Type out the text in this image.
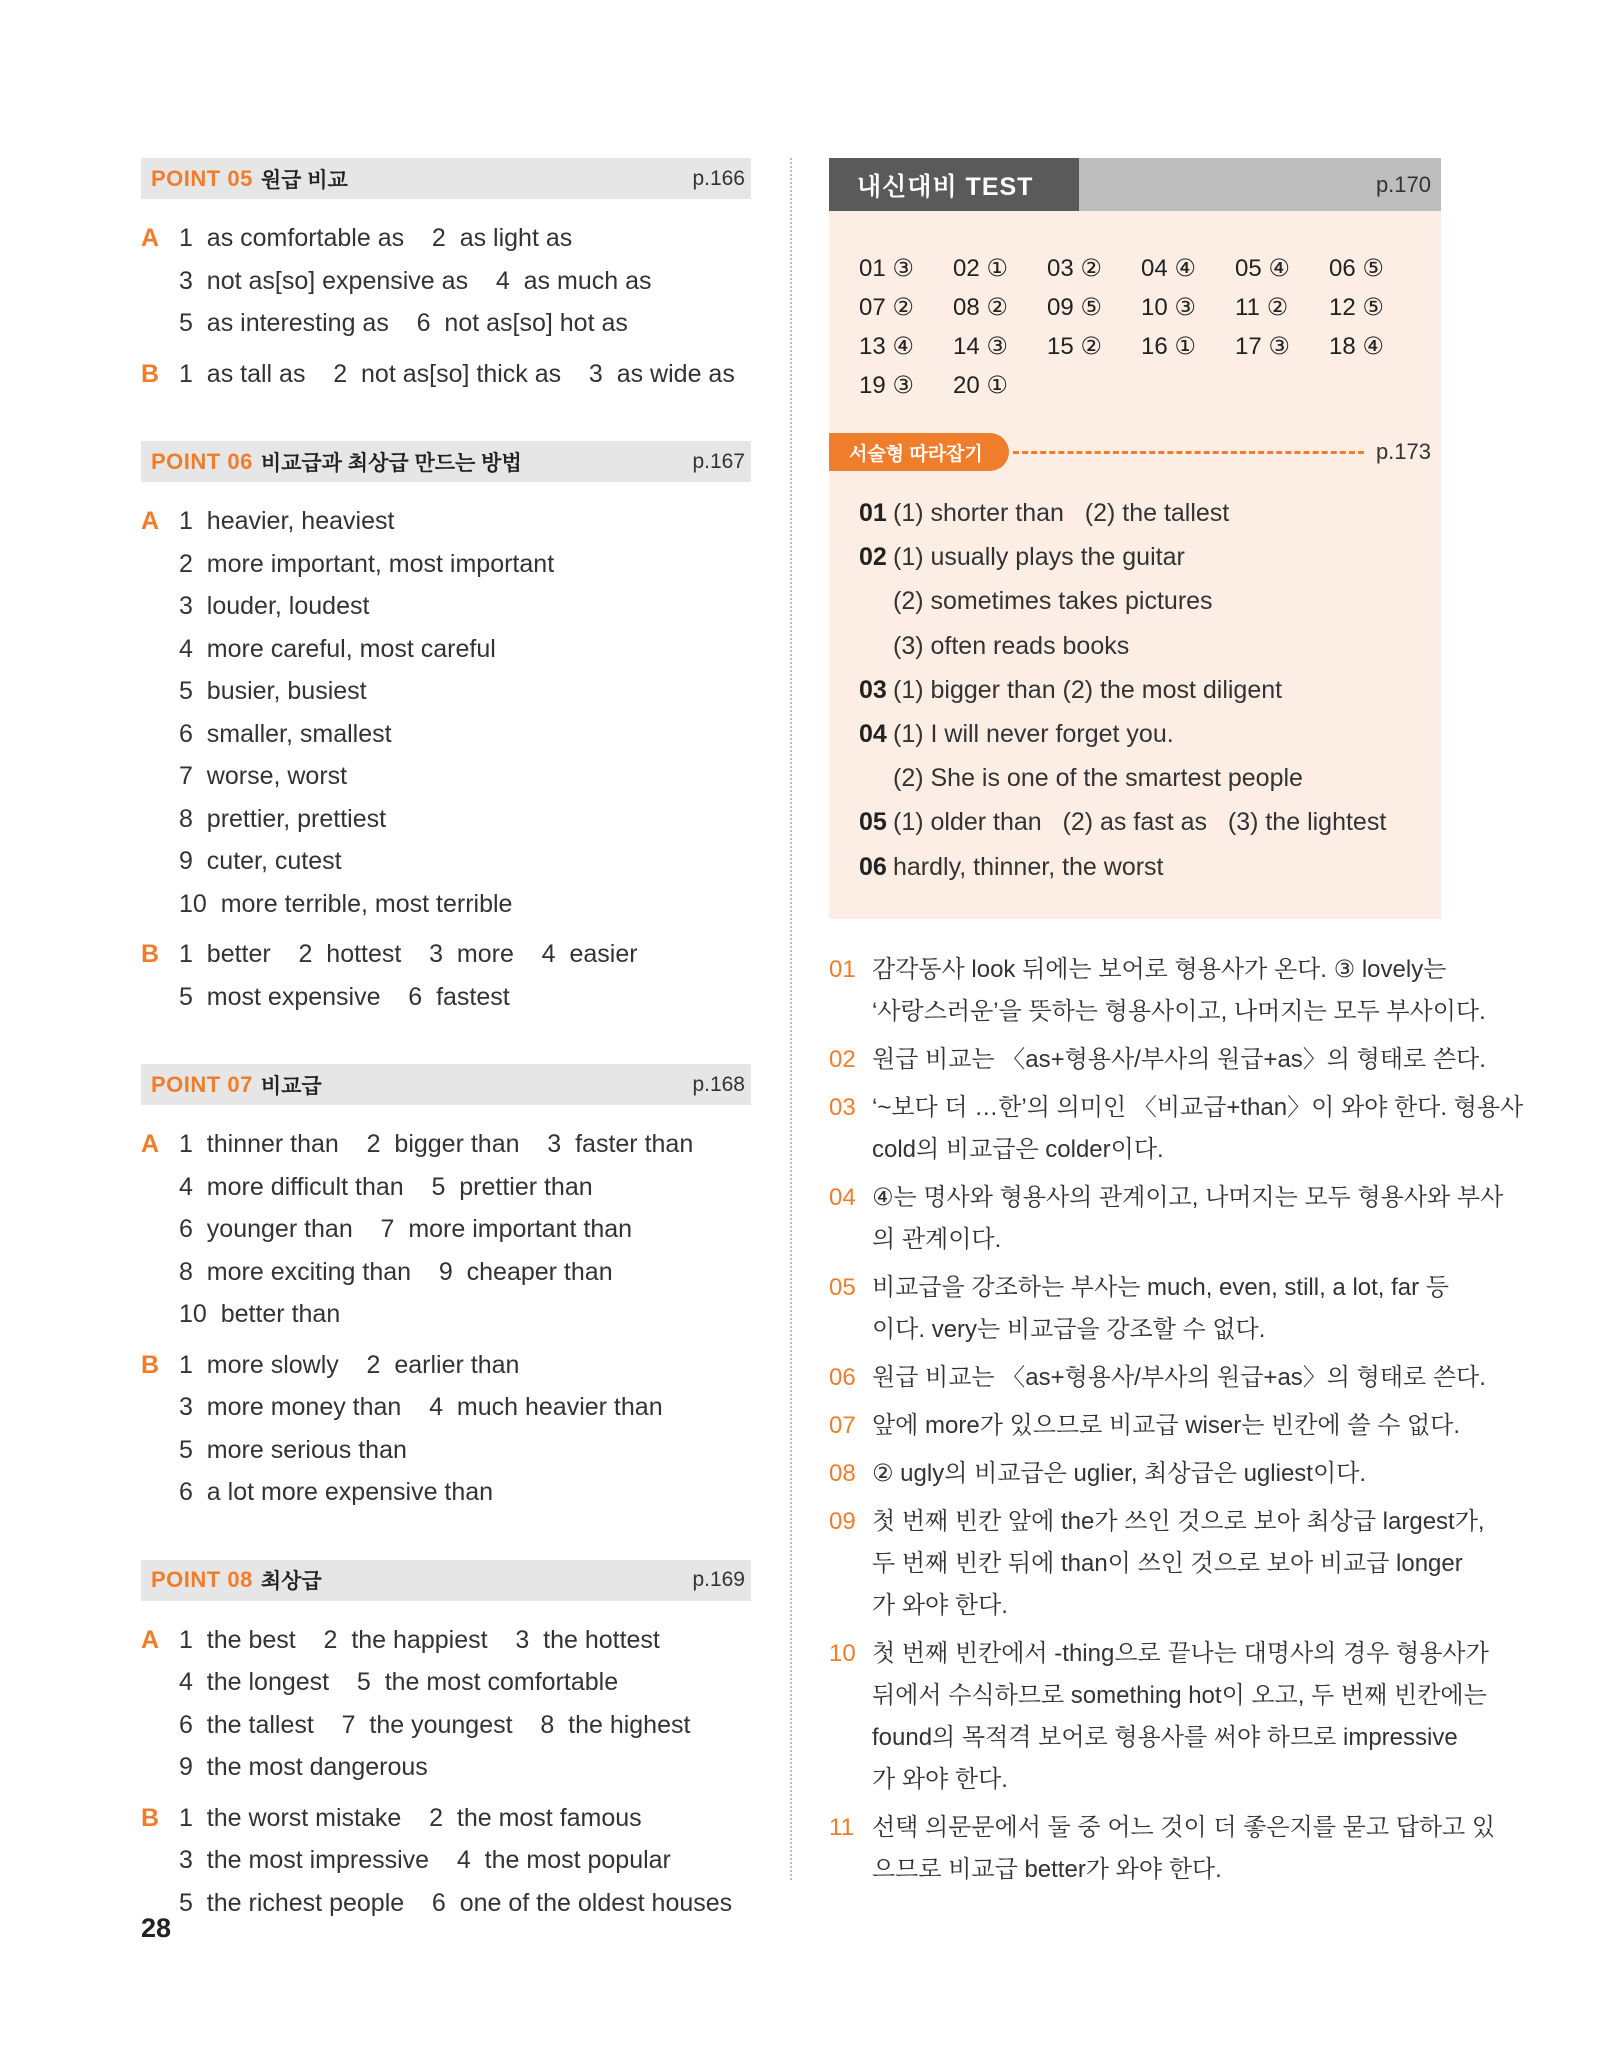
POINT 05 원급 비교	p.166
A 1  as comfortable as    2  as light as
3  not as[so] expensive as    4  as much as
5  as interesting as    6  not as[so] hot as
B 1  as tall as    2  not as[so] thick as    3  as wide as
POINT 06 비교급과 최상급 만드는 방법	p.167
A 1  heavier, heaviest
2  more important, most important
3  louder, loudest
4  more careful, most careful
5  busier, busiest
6  smaller, smallest
7  worse, worst
8  prettier, prettiest
9  cuter, cutest
10  more terrible, most terrible
B 1  better    2  hottest    3  more    4  easier
5  most expensive    6  fastest
POINT 07 비교급	p.168
A 1  thinner than    2  bigger than    3  faster than
4  more difficult than    5  prettier than
6  younger than    7  more important than
8  more exciting than    9  cheaper than
10  better than
B 1  more slowly    2  earlier than
3  more money than    4  much heavier than
5  more serious than
6  a lot more expensive than
POINT 08 최상급	p.169
A 1  the best    2  the happiest    3  the hottest
4  the longest    5  the most comfortable
6  the tallest    7  the youngest    8  the highest
9  the most dangerous
B 1  the worst mistake    2  the most famous
3  the most impressive    4  the most popular
5  the richest people    6  one of the oldest houses
내신대비 TEST	p.170
01 ③	02 ①	03 ②	04 ④	05 ④	06 ⑤
07 ②	08 ②	09 ⑤	10 ③	11 ②	12 ⑤
13 ④	14 ③	15 ②	16 ①	17 ③	18 ④
19 ③	20 ①
서술형 따라잡기	p.173
01 (1) shorter than   (2) the tallest
02 (1) usually plays the guitar
(2) sometimes takes pictures
(3) often reads books
03 (1) bigger than (2) the most diligent
04 (1) I will never forget you.
(2) She is one of the smartest people
05 (1) older than   (2) as fast as   (3) the lightest
06 hardly, thinner, the worst
01 감각동사 look 뒤에는 보어로 형용사가 온다. ③ lovely는
‘사랑스러운’을 뜻하는 형용사이고, 나머지는 모두 부사이다.
02 원급 비교는 〈as+형용사/부사의 원급+as〉의 형태로 쓴다.
03 ‘~보다 더 …한’의 의미인 〈비교급+than〉이 와야 한다. 형용사
cold의 비교급은 colder이다.
04 ④는 명사와 형용사의 관계이고, 나머지는 모두 형용사와 부사
의 관계이다.
05 비교급을 강조하는 부사는 much, even, still, a lot, far 등
이다. very는 비교급을 강조할 수 없다.
06 원급 비교는 〈as+형용사/부사의 원급+as〉의 형태로 쓴다.
07 앞에 more가 있으므로 비교급 wiser는 빈칸에 쓸 수 없다.
08 ② ugly의 비교급은 uglier, 최상급은 ugliest이다.
09 첫 번째 빈칸 앞에 the가 쓰인 것으로 보아 최상급 largest가,
두 번째 빈칸 뒤에 than이 쓰인 것으로 보아 비교급 longer
가 와야 한다.
10 첫 번째 빈칸에서 -thing으로 끝나는 대명사의 경우 형용사가
뒤에서 수식하므로 something hot이 오고, 두 번째 빈칸에는
found의 목적격 보어로 형용사를 써야 하므로 impressive
가 와야 한다.
11 선택 의문문에서 둘 중 어느 것이 더 좋은지를 묻고 답하고 있
으므로 비교급 better가 와야 한다.
28
